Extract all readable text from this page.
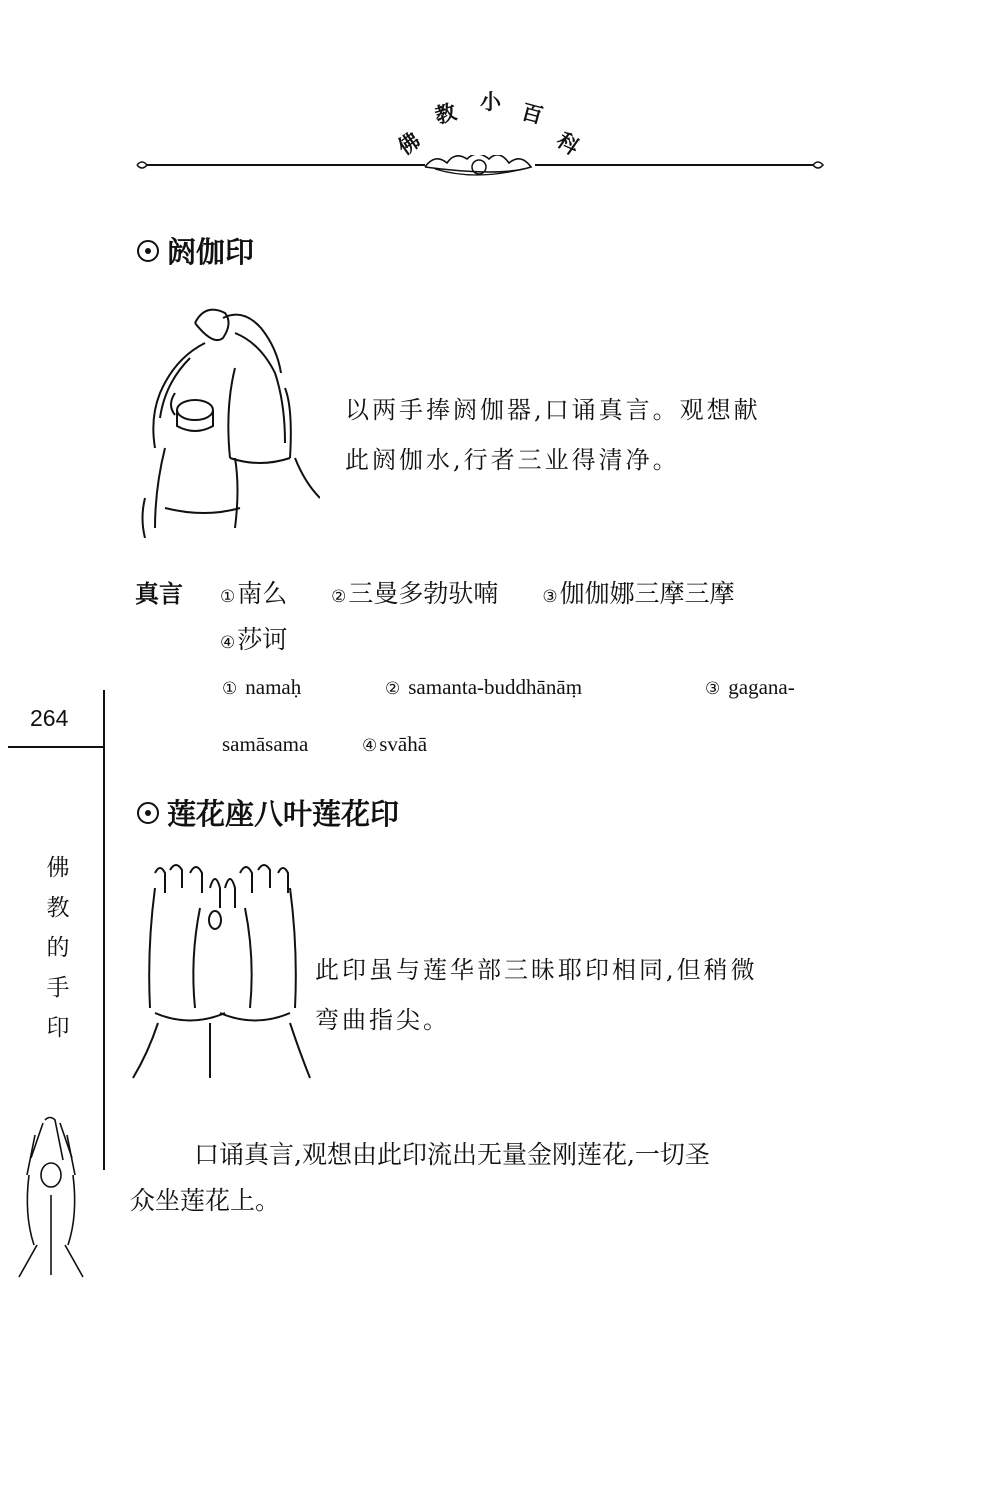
佛
教 小 百
科
阏伽印
以两手捧阏伽器,口诵真言。观想献
此阏伽水,行者三业得清净。
真言 ①南么	②三曼多勃驮喃	③伽伽娜三摩三摩
④莎诃
① namaḥ	② samanta-buddhānāṃ	③ gagana-
samāsama	④svāhā
莲花座八叶莲花印
此印虽与莲华部三昧耶印相同,但稍微
弯曲指尖。
口诵真言,观想由此印流出无量金刚莲花,一切圣
众坐莲花上。
264
佛
教
的
手
印
